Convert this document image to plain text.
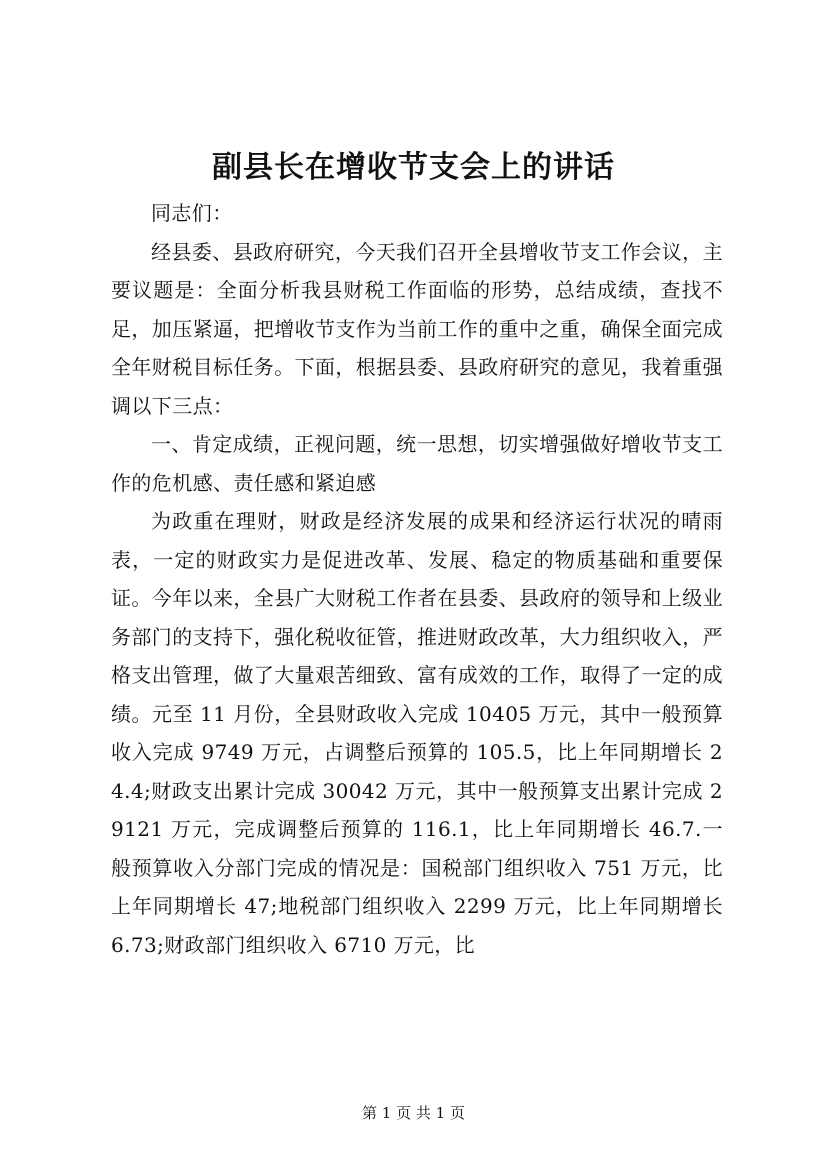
副县长在增收节支会上的讲话

同志们：

经县委、县政府研究，今天我们召开全县增收节支工作会议，主要议题是：全面分析我县财税工作面临的形势，总结成绩，查找不足，加压紧逼，把增收节支作为当前工作的重中之重，确保全面完成全年财税目标任务。下面，根据县委、县政府研究的意见，我着重强调以下三点：

一、肯定成绩，正视问题，统一思想，切实增强做好增收节支工作的危机感、责任感和紧迫感

为政重在理财，财政是经济发展的成果和经济运行状况的晴雨表，一定的财政实力是促进改革、发展、稳定的物质基础和重要保证。今年以来，全县广大财税工作者在县委、县政府的领导和上级业务部门的支持下，强化税收征管，推进财政改革，大力组织收入，严格支出管理，做了大量艰苦细致、富有成效的工作，取得了一定的成绩。元至 11 月份，全县财政收入完成 10405 万元，其中一般预算收入完成 9749 万元，占调整后预算的 105.5，比上年同期增长 24.4;财政支出累计完成 30042 万元，其中一般预算支出累计完成 29121 万元，完成调整后预算的 116.1，比上年同期增长 46.7.一般预算收入分部门完成的情况是：国税部门组织收入 751 万元，比上年同期增长 47;地税部门组织收入 2299 万元，比上年同期增长 6.73;财政部门组织收入 6710 万元，比

第 1 页 共 1 页
